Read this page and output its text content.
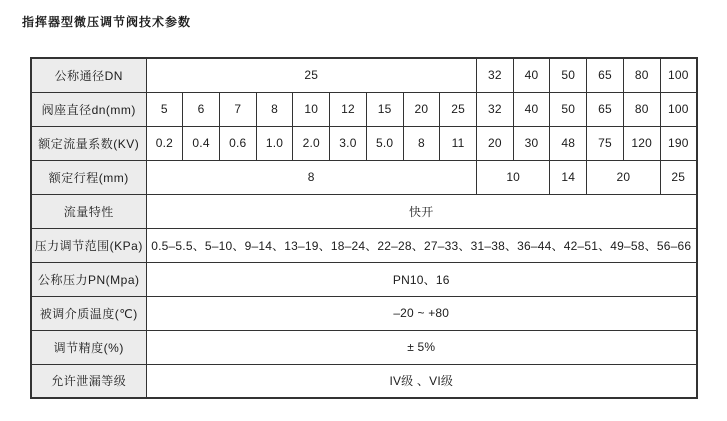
指挥器型微压调节阀技术参数
公称通径DN	25									32	40	50	65	80	100
阀座直径dn(mm)	5	6	7	8	10	12	15	20	25	32	40	50	65	80	100
额定流量系数(KV)	0.2	0.4	0.6	1.0	2.0	3.0	5.0	8	11	20	30	48	75	120	190
额定行程(mm)	8									10		14	20		25
流量特性	快开														
压力调节范围(KPa)	0.5–5.5、5–10、9–14、13–19、18–24、22–28、27–33、31–38、36–44、42–51、49–58、56–66														
公称压力PN(Mpa)	PN10、16														
被调介质温度(℃)	–20 ~ +80														
调节精度(%)	± 5%														
允许泄漏等级	IV级 、VI级														
